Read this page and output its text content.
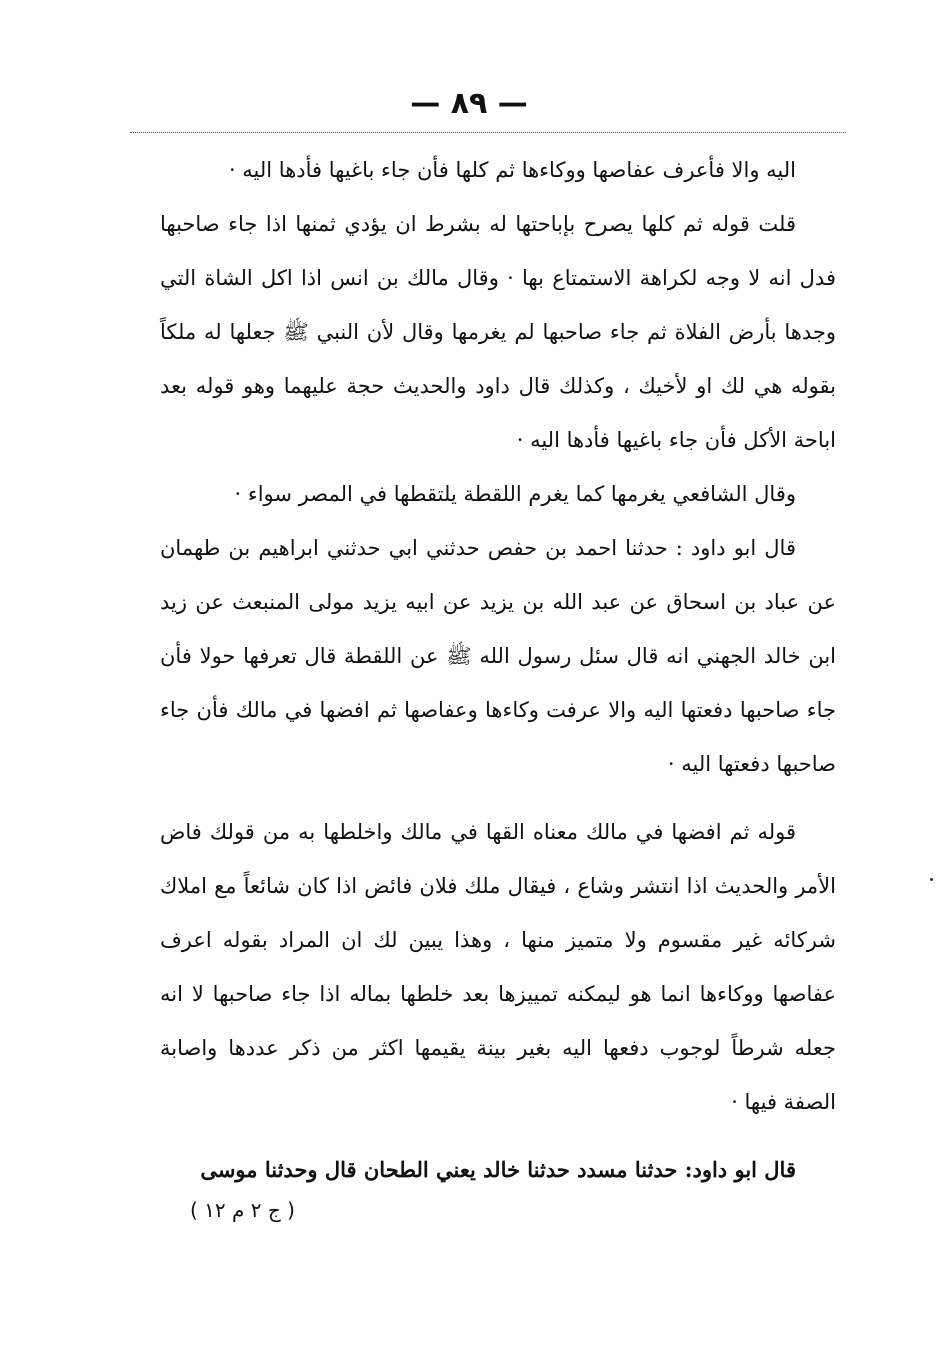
— ٨٩ —

اليه والا فأعرف عفاصها ووكاءها ثم كلها فأن جاء باغيها فأدها اليه ·

قلت قوله ثم كلها يصرح بإباحتها له بشرط ان يؤدي ثمنها اذا جاء صاحبها فدل انه لا وجه لكراهة الاستمتاع بها · وقال مالك بن انس اذا اكل الشاة التي وجدها بأرض الفلاة ثم جاء صاحبها لم يغرمها وقال لأن النبي ﷺ جعلها له ملكاً بقوله هي لك او لأخيك ، وكذلك قال داود والحديث حجة عليهما وهو قوله بعد اباحة الأكل فأن جاء باغيها فأدها اليه ·

وقال الشافعي يغرمها كما يغرم اللقطة يلتقطها في المصر سواء ·

قال ابو داود : حدثنا احمد بن حفص حدثني ابي حدثني ابراهيم بن طهمان عن عباد بن اسحاق عن عبد الله بن يزيد عن ابيه يزيد مولى المنبعث عن زيد ابن خالد الجهني انه قال سئل رسول الله ﷺ عن اللقطة قال تعرفها حولا فأن جاء صاحبها دفعتها اليه والا عرفت وكاءها وعفاصها ثم افضها في مالك فأن جاء صاحبها دفعتها اليه ·

قوله ثم افضها في مالك معناه القها في مالك واخلطها به من قولك فاض الأمر والحديث اذا انتشر وشاع ، فيقال ملك فلان فائض اذا كان شائعاً مع املاك شركائه غير مقسوم ولا متميز منها ، وهذا يبين لك ان المراد بقوله اعرف عفاصها ووكاءها انما هو ليمكنه تمييزها بعد خلطها بماله اذا جاء صاحبها لا انه جعله شرطاً لوجوب دفعها اليه بغير بينة يقيمها اكثر من ذكر عددها واصابة الصفة فيها ·

قال ابو داود: حدثنا مسدد حدثنا خالد يعني الطحان قال وحدثنا موسى

( ج ٢ م ١٢ )
